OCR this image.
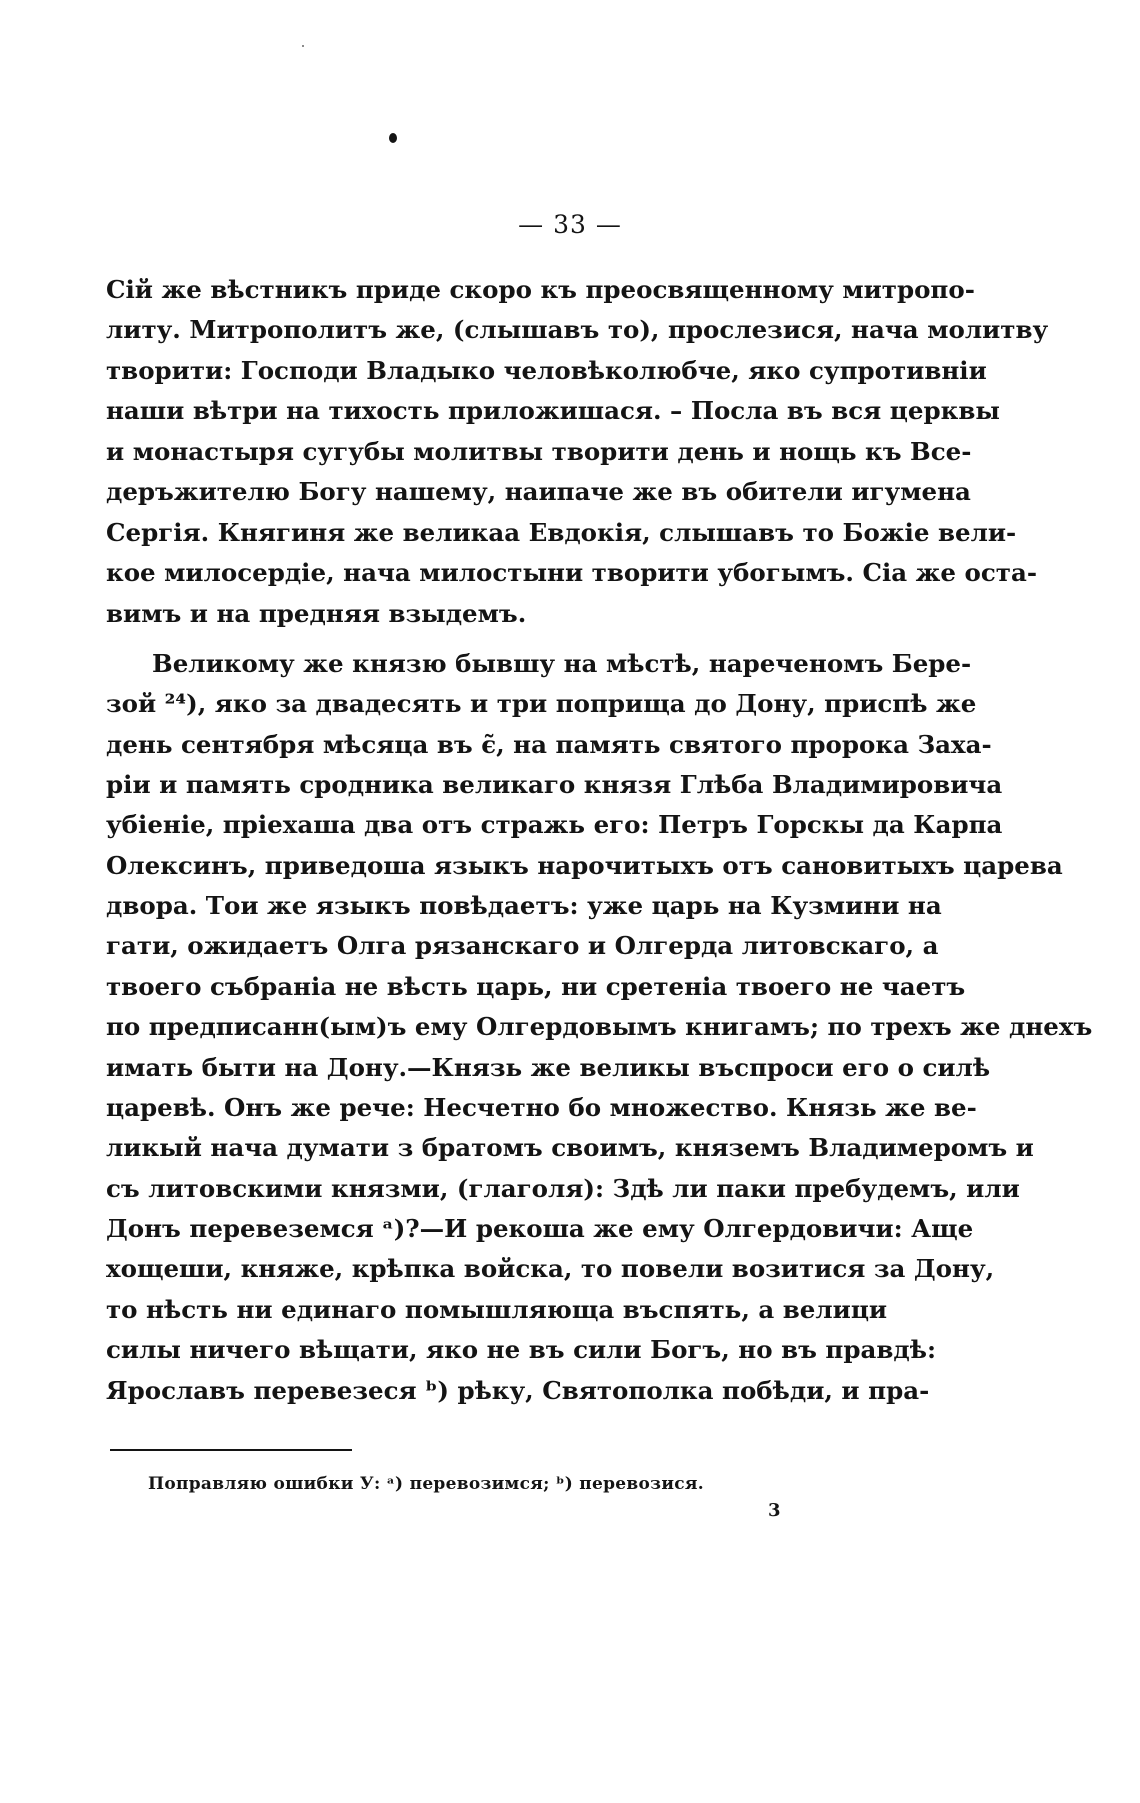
— 33 —
Сій же вѣстникъ приде скоро къ преосвященному митропо-
литу. Митрополитъ же, (слышавъ то), прослезися, нача молитву
творити: Господи Владыко человѣколюбче, яко супротивніи
наши вѣтри на тихость приложишася. – Посла въ вся церквы
и монастыря сугубы молитвы творити день и нощь къ Все-
деръжителю Богу нашему, наипаче же въ обители игумена
Сергія. Княгиня же великаа Евдокія, слышавъ то Божіе вели-
кое милосердіе, нача милостыни творити убогымъ. Сіа же оста-
вимъ и на предняя взыдемъ.
Великому же князю бывшу на мѣстѣ, нареченомъ Бере-
зой ²⁴), яко за двадесять и три поприща до Дону, приспѣ же
день сентября мѣсяца въ є̃, на память святого пророка Заха-
ріи и память сродника великаго князя Глѣба Владимировича
убіеніе, пріехаша два отъ стражь его: Петръ Горскы да Карпа
Олексинъ, приведоша языкъ нарочитыхъ отъ сановитыхъ царева
двора. Тои же языкъ повѣдаетъ: уже царь на Кузмини на
гати, ожидаетъ Олга рязанскаго и Олгерда литовскаго, а
твоего събраніа не вѣсть царь, ни сретеніа твоего не чаетъ
по предписанн(ым)ъ ему Олгердовымъ книгамъ; по трехъ же днехъ
имать быти на Дону.—Князь же великы въспроси его о силѣ
царевѣ. Онъ же рече: Несчетно бо множество. Князь же ве-
ликый нача думати з братомъ своимъ, княземъ Владимеромъ и
съ литовскими князми, (глаголя): Здѣ ли паки пребудемъ, или
Донъ перевеземся ᵃ)?—И рекоша же ему Олгердовичи: Аще
хощеши, княже, крѣпка войска, то повели возитися за Дону,
то нѣсть ни единаго помышляюща въспять, а велици
силы ничего вѣщати, яко не въ сили Богъ, но въ правдѣ:
Ярославъ перевезеся ᵇ) рѣку, Святополка побѣди, и пра-
Поправляю ошибки У: ᵃ) перевозимся; ᵇ) перевозися.
3
